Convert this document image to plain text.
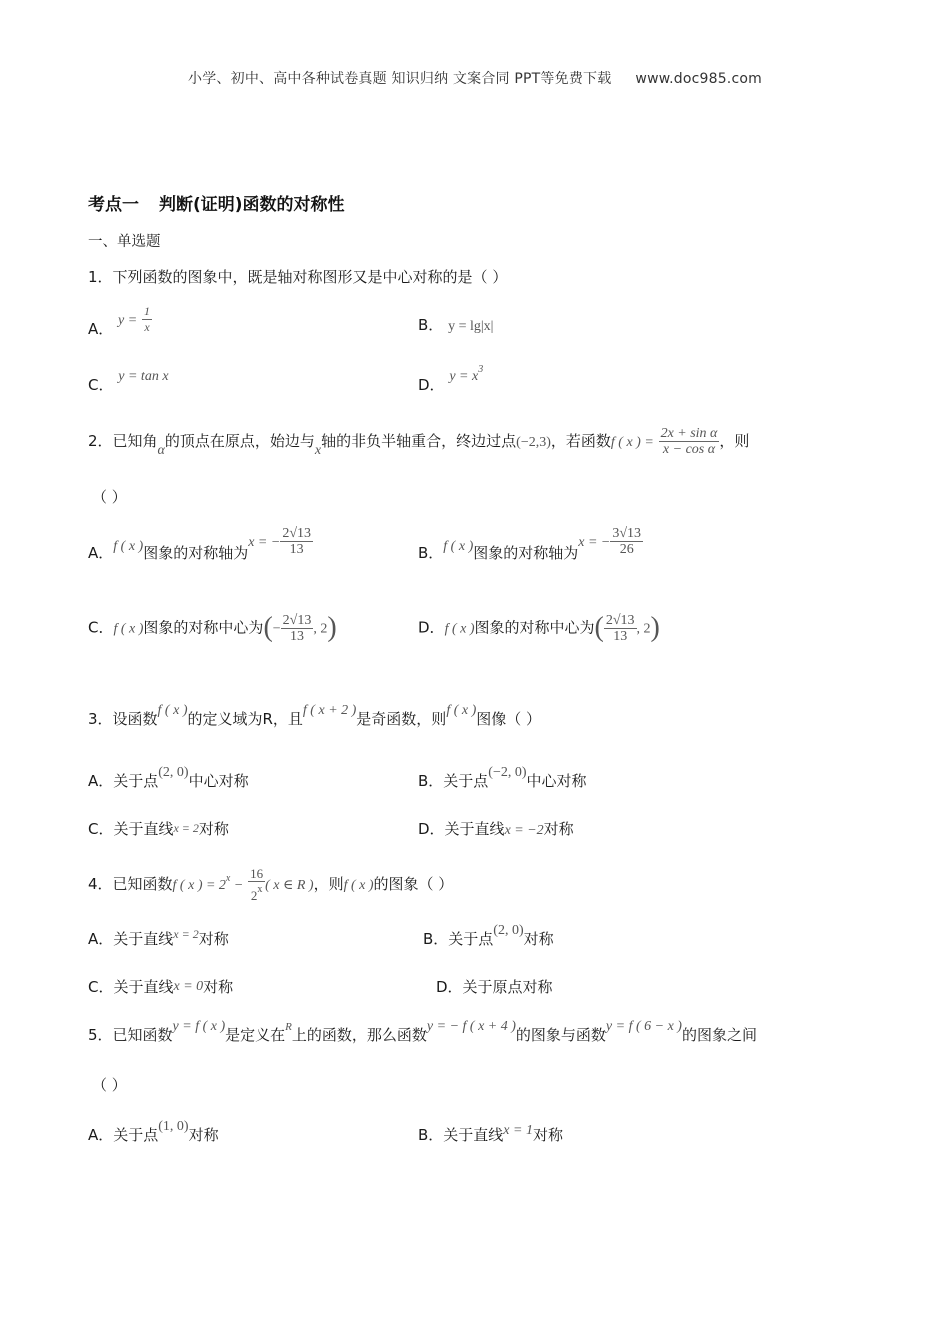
小学、初中、高中各种试卷真题 知识归纳 文案合同 PPT等免费下载 www.doc985.com
考点一 判断(证明)函数的对称性
一、单选题
1．下列函数的图象中，既是轴对称图形又是中心对称的是（ ）
A． $y = \frac{1}{x}$	B． y = lg|x|
C． y = tan x	D． $y = x^3$
2．已知角α的顶点在原点，始边与x轴的非负半轴重合，终边过点(−2,3)，若函数f ( x ) = $\frac{\text{2x + sin α}}{\text{x − cos α}}$ ，则
（ ）
A．f ( x )图象的对称轴为x = − $\frac{2√13}{13}$	B．f ( x )图象的对称轴为x = − $\frac{3√13}{26}$
C．f ( x )图象的对称中心为(− $\frac{2√13}{13}$ , 2)	D．f ( x )图象的对称中心为( $\frac{2√13}{13}$ , 2)
3．设函数f ( x )的定义域为R，且f ( x + 2 )是奇函数，则f ( x )图像（ ）
A．关于点(2, 0)中心对称	B．关于点(−2, 0)中心对称
C．关于直线x = 2对称	D．关于直线x = −2对称
4．已知函数f ( x ) = $2^x - \frac{16}{2^x}$ ( x ∈ R )，则f ( x )的图象（ ）
A．关于直线$^{x = 2}$对称	B．关于点(2, 0)对称
C．关于直线x = 0对称	D．关于原点对称
5．已知函数y = f ( x )是定义在$^R$上的函数，那么函数y = − f ( x + 4 )的图象与函数y = f ( 6 − x )的图象之间
（ ）
A．关于点(1, 0)对称	B．关于直线x = 1对称
